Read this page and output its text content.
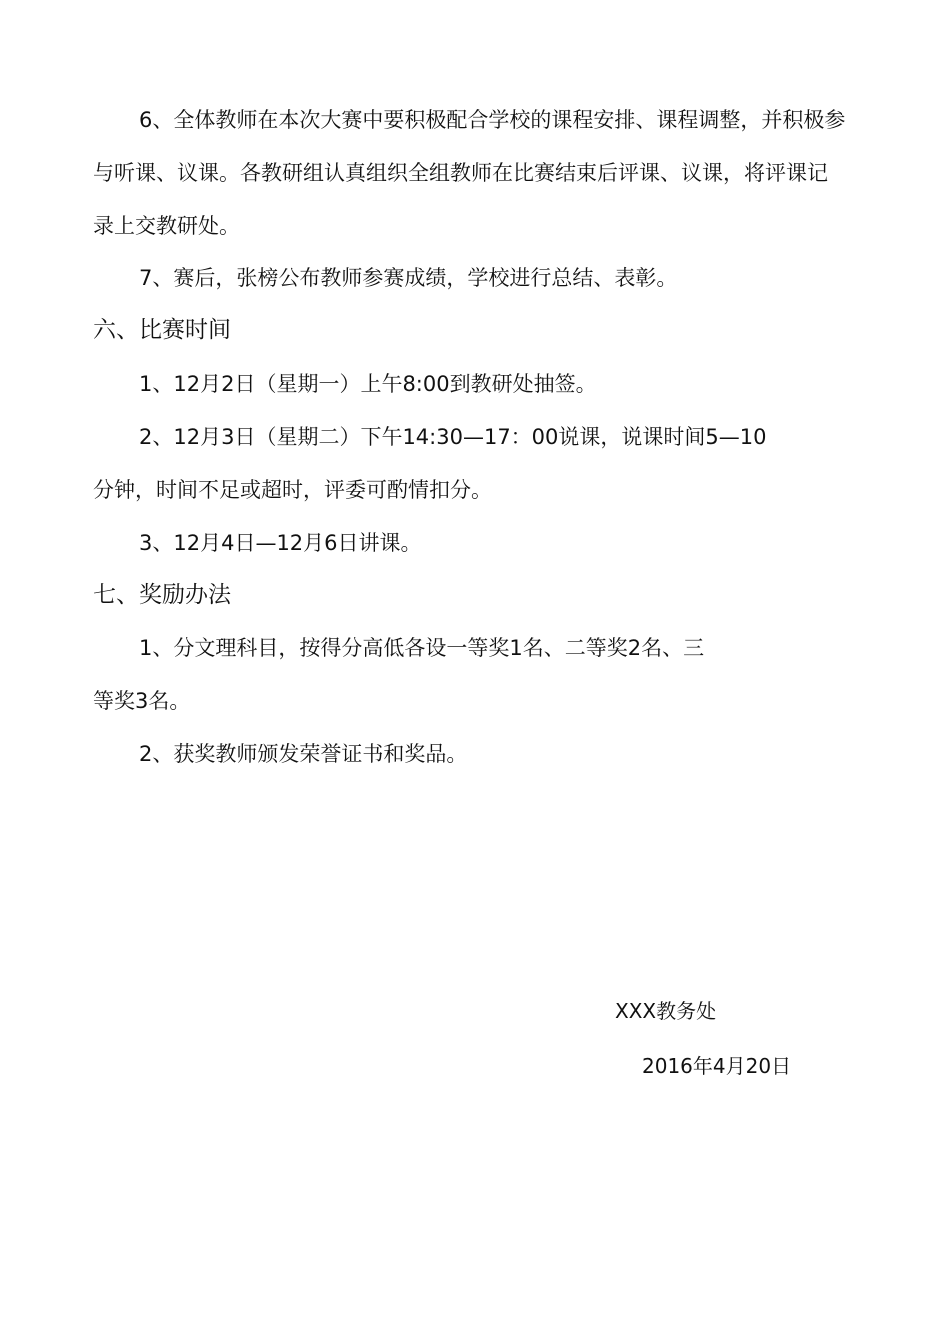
6、全体教师在本次大赛中要积极配合学校的课程安排、课程调整，并积极参
与听课、议课。各教研组认真组织全组教师在比赛结束后评课、议课，将评课记
录上交教研处。
7、赛后，张榜公布教师参赛成绩，学校进行总结、表彰。
六、比赛时间
1、12月2日（星期一）上午8:00到教研处抽签。
2、12月3日（星期二）下午14:30—17：00说课，说课时间5—10
分钟，时间不足或超时，评委可酌情扣分。
3、12月4日—12月6日讲课。
七、奖励办法
1、分文理科目，按得分高低各设一等奖1名、二等奖2名、三
等奖3名。
2、获奖教师颁发荣誉证书和奖品。
XXX教务处
2016年4月20日
